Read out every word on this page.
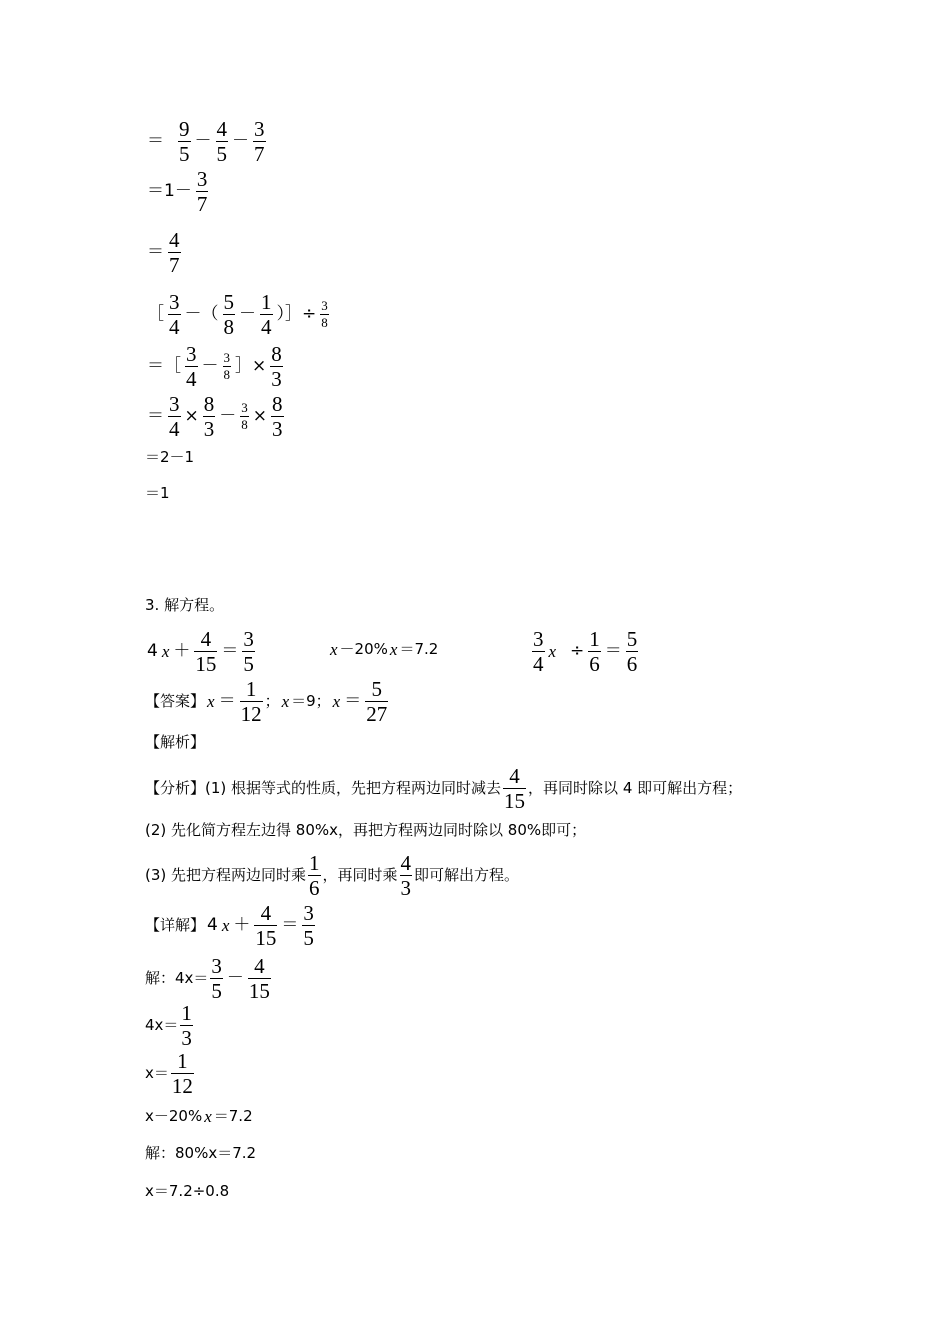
＝
9
5
－
4
5
－
3
7
＝1－
3
7
＝
4
7
［
3
4
－（
5
8
－
1
4
）］÷ 3
8
＝［
3
4
－ 3
8 ］×
8
3
＝
3
4
×
8
3
－ 3
8 ×
8
3
＝2－1
＝1
3. 解方程。
4 x ＋
4
15
＝
3
5
x －20% x ＝7.2	3
4
x ÷
1
6
＝
5
6
【答案】 x ＝
1
12
； x ＝9； x ＝
5
27
【解析】
【分析】 (1) 根据等式的性质，先把方程两边同时减去
4
15
，再同时除以 4 即可解出方程；
(2) 先化简方程左边得 80%x，再把方程两边同时除以 80%即可；
(3) 先把方程两边同时乘
1
6
，再同时乘
4
3
即可解出方程。
【详解】 4 x ＋
4
15
＝
3
5
解：4x＝
3
5
－
4
15
4x＝
1
3
x＝
1
12
x－20% x ＝7.2
解：80%x＝7.2
x＝7.2÷0.8
